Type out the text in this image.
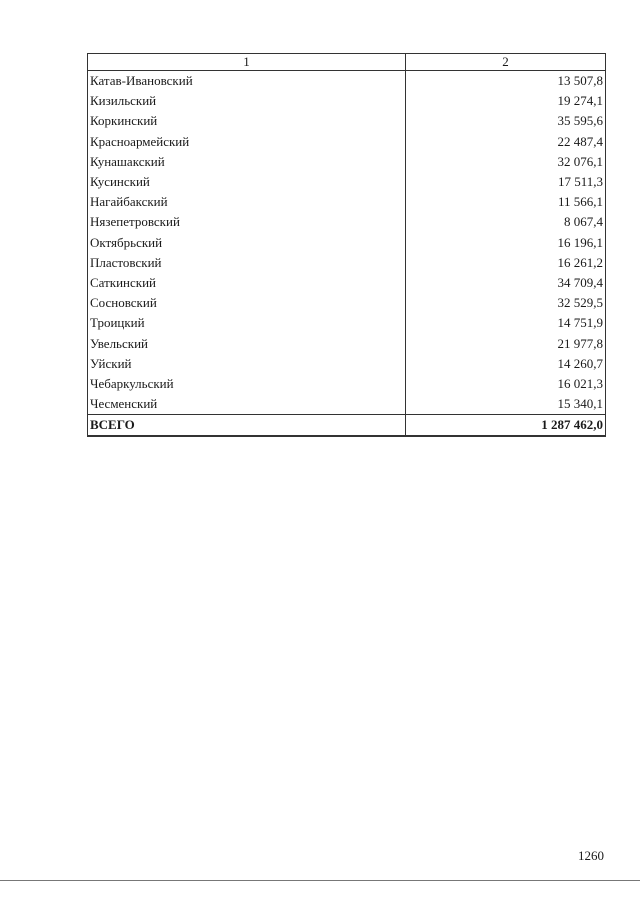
1	2
Катав-Ивановский	13 507,8
Кизильский	19 274,1
Коркинский	35 595,6
Красноармейский	22 487,4
Кунашакский	32 076,1
Кусинский	17 511,3
Нагайбакский	11 566,1
Нязепетровский	8 067,4
Октябрьский	16 196,1
Пластовский	16 261,2
Саткинский	34 709,4
Сосновский	32 529,5
Троицкий	14 751,9
Увельский	21 977,8
Уйский	14 260,7
Чебаркульский	16 021,3
Чесменский	15 340,1
ВСЕГО	1 287 462,0
1260
